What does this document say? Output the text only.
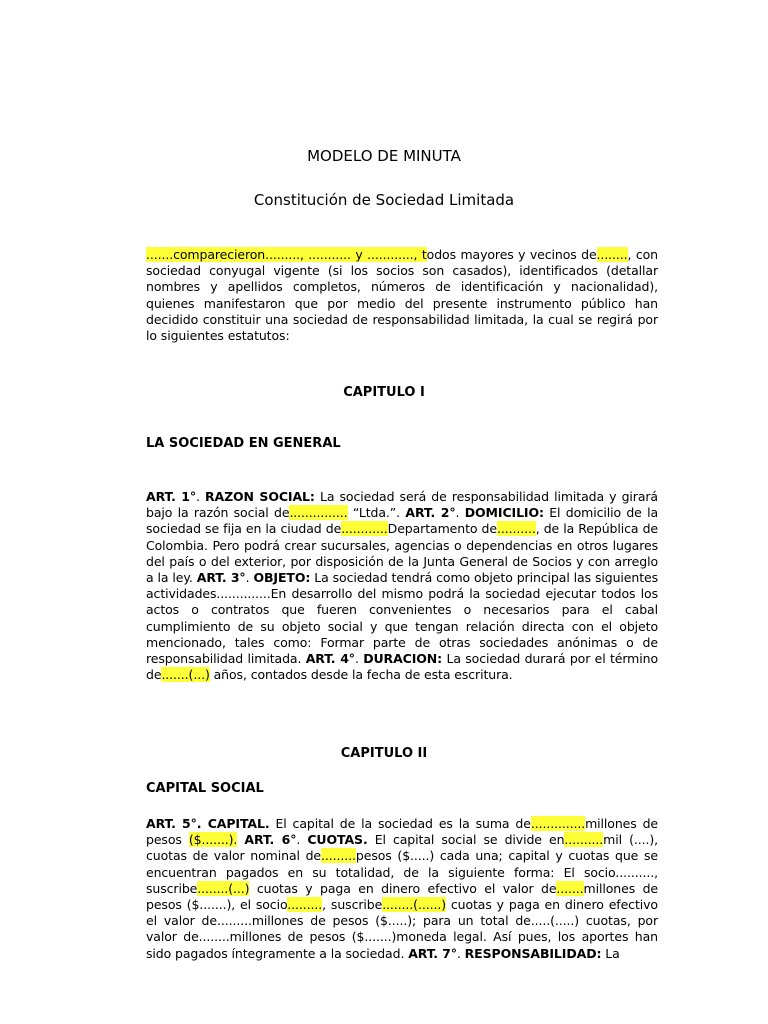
MODELO DE MINUTA
Constitución de Sociedad Limitada
.......comparecieron........., ........... y ............, todos mayores y vecinos de........, con sociedad conyugal vigente (si los socios son casados), identificados (detallar nombres y apellidos completos, números de identificación y nacionalidad), quienes manifestaron que por medio del presente instrumento público han decidido constituir una sociedad de responsabilidad limitada, la cual se regirá por lo siguientes estatutos:
CAPITULO I
LA SOCIEDAD EN GENERAL
ART. 1°. RAZON SOCIAL: La sociedad será de responsabilidad limitada y girará bajo la razón social de............... “Ltda.”. ART. 2°. DOMICILIO: El domicilio de la sociedad se fija en la ciudad de............Departamento de.........., de la República de Colombia. Pero podrá crear sucursales, agencias o dependencias en otros lugares del país o del exterior, por disposición de la Junta General de Socios y con arreglo a la ley. ART. 3°. OBJETO: La sociedad tendrá como objeto principal las siguientes actividades..............En desarrollo del mismo podrá la sociedad ejecutar todos los actos o contratos que fueren convenientes o necesarios para el cabal cumplimiento de su objeto social y que tengan relación directa con el objeto mencionado, tales como: Formar parte de otras sociedades anónimas o de responsabilidad limitada. ART. 4°. DURACION: La sociedad durará por el término de.......(...) años, contados desde la fecha de esta escritura.
CAPITULO II
CAPITAL SOCIAL
ART. 5°. CAPITAL. El capital de la sociedad es la suma de..............millones de pesos ($.......). ART. 6°. CUOTAS. El capital social se divide en..........mil (....), cuotas de valor nominal de.........pesos ($.....) cada una; capital y cuotas que se encuentran pagados en su totalidad, de la siguiente forma: El socio.........., suscribe........(...) cuotas y paga en dinero efectivo el valor de.......millones de pesos ($.......), el socio........., suscribe........(......) cuotas y paga en dinero efectivo el valor de.........millones de pesos ($.....); para un total de.....(.....) cuotas, por valor de........millones de pesos ($.......)moneda legal. Así pues, los aportes han sido pagados íntegramente a la sociedad. ART. 7°. RESPONSABILIDAD: La
